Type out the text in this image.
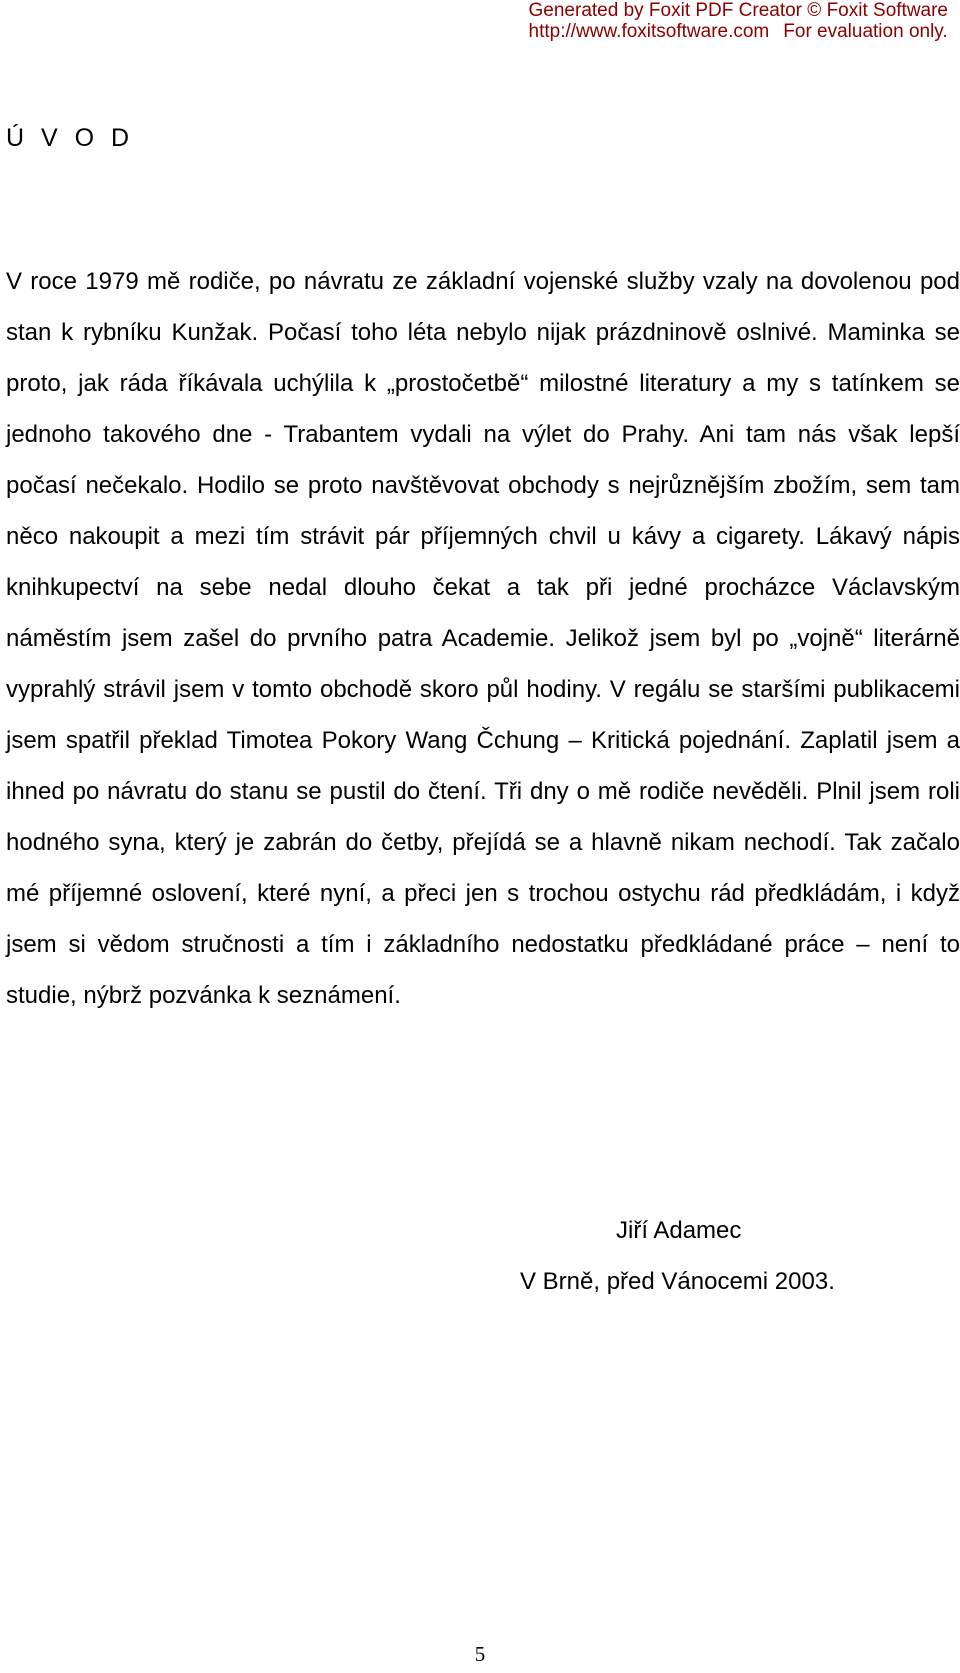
Generated by Foxit PDF Creator © Foxit Software
http://www.foxitsoftware.com For evaluation only.
Ú V O D

V roce 1979 mě rodiče, po návratu ze základní vojenské služby vzaly na dovolenou pod stan k rybníku Kunžak. Počasí toho léta nebylo nijak prázdninově oslnivé. Maminka se proto, jak ráda říkávala uchýlila k „prostočetbě“ milostné literatury a my s tatínkem se jednoho takového dne - Trabantem vydali na výlet do Prahy. Ani tam nás však lepší počasí nečekalo. Hodilo se proto navštěvovat obchody s nejrůznějším zbožím, sem tam něco nakoupit a mezi tím strávit pár příjemných chvil u kávy a cigarety. Lákavý nápis knihkupectví na sebe nedal dlouho čekat a tak při jedné procházce Václavským náměstím jsem zašel do prvního patra Academie. Jelikož jsem byl po „vojně“ literárně vyprahlý strávil jsem v tomto obchodě skoro půl hodiny. V regálu se staršími publikacemi jsem spatřil překlad Timotea Pokory Wang Čchung – Kritická pojednání. Zaplatil jsem a ihned po návratu do stanu se pustil do čtení. Tři dny o mě rodiče nevěděli. Plnil jsem roli hodného syna, který je zabrán do četby, přejídá se a hlavně nikam nechodí. Tak začalo mé příjemné oslovení, které nyní, a přeci jen s trochou ostychu rád předkládám, i když jsem si vědom stručnosti a tím i základního nedostatku předkládané práce – není to studie, nýbrž pozvánka k seznámení.

Jiří Adamec
V Brně, před Vánocemi 2003.
5
